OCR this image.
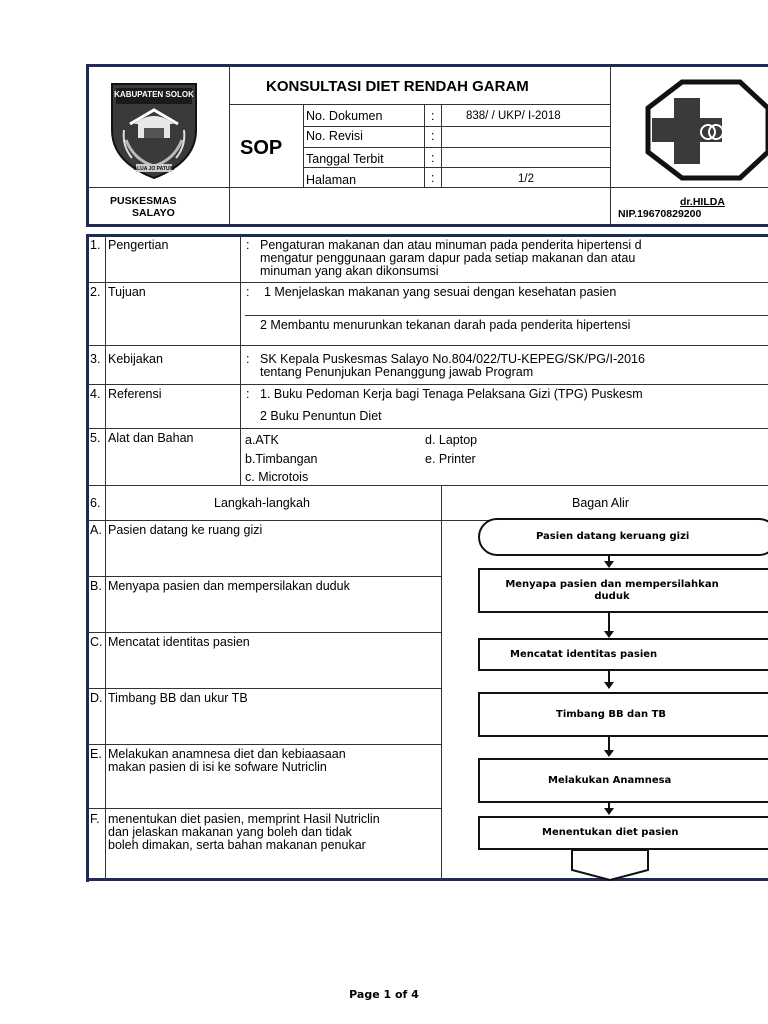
KABUPATEN SOLOK
ALUA JO PATUIK
KONSULTASI DIET RENDAH GARAM
SOP
No. Dokumen	:	838/ / UKP/ I-2018
No. Revisi	:
Tanggal Terbit	:
Halaman	:	1/2
PUSKESMAS
SALAYO
dr.HILDA
NIP.19670829200
1. Pengertian	: Pengaturan makanan dan atau minuman pada penderita hipertensi d
mengatur penggunaan garam dapur pada setiap makanan dan atau
minuman yang akan dikonsumsi
2. Tujuan	: 1 Menjelaskan makanan yang sesuai dengan kesehatan pasien
2 Membantu menurunkan tekanan darah pada penderita hipertensi
3. Kebijakan	: SK Kepala Puskesmas Salayo No.804/022/TU-KEPEG/SK/PG/I-2016
tentang Penunjukan Penanggung jawab Program
4. Referensi	: 1. Buku Pedoman Kerja bagi Tenaga Pelaksana Gizi (TPG) Puskesm
2 Buku Penuntun Diet
5. Alat dan Bahan	a.ATK
b.Timbangan
c. Microtois
d. Laptop
e. Printer
6.	Langkah-langkah	Bagan Alir
A. Pasien datang ke ruang gizi
B. Menyapa pasien dan mempersilakan duduk
C. Mencatat identitas pasien
D. Timbang BB dan ukur TB
E. Melakukan anamnesa diet dan kebiaasaan
makan pasien di isi ke sofware Nutriclin
F. menentukan diet pasien, memprint Hasil Nutriclin
dan jelaskan makanan yang boleh dan tidak
boleh dimakan, serta bahan makanan penukar
Pasien datang keruang gizi
Menyapa pasien dan mempersilahkan
duduk
Mencatat identitas pasien
Timbang BB dan TB
Melakukan Anamnesa
Menentukan diet pasien
Page 1 of 4
